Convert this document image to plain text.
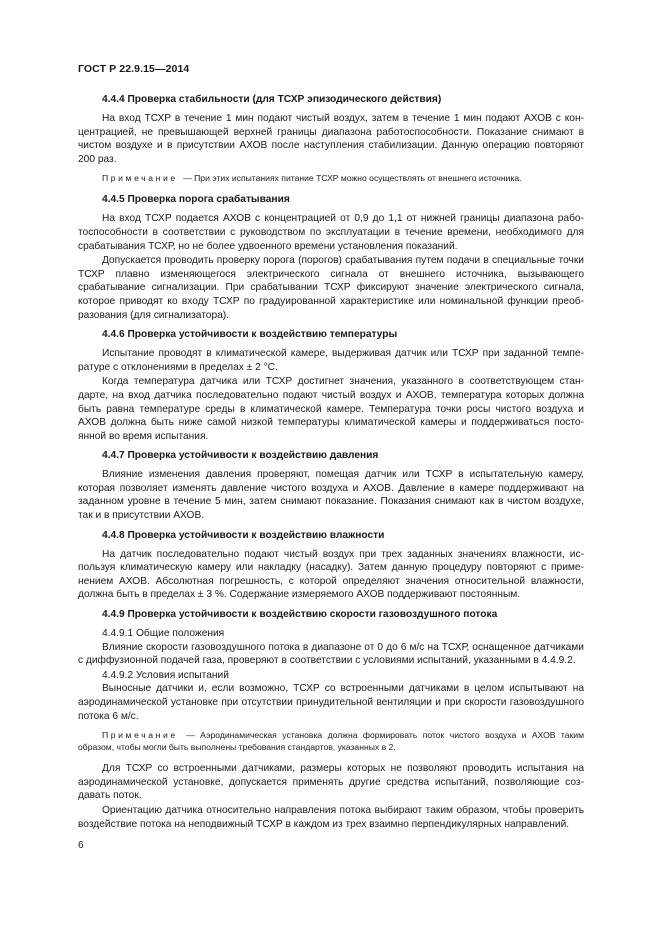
ГОСТ Р 22.9.15—2014
4.4.4 Проверка стабильности (для ТСХР эпизодического действия)
На вход ТСХР в течение 1 мин подают чистый воздух, затем в течение 1 мин подают АХОВ с концентрацией, не превышающей верхней границы диапазона работоспособности. Показание снимают в чистом воздухе и в присутствии АХОВ после наступления стабилизации. Данную операцию повторяют 200 раз.
Примечание — При этих испытаниях питание ТСХР можно осуществлять от внешнего источника.
4.4.5 Проверка порога срабатывания
На вход ТСХР подается АХОВ с концентрацией от 0,9 до 1,1 от нижней границы диапазона работоспособности в соответствии с руководством по эксплуатации в течение времени, необходимого для срабатывания ТСХР, но не более удвоенного времени установления показаний.
Допускается проводить проверку порога (порогов) срабатывания путем подачи в специальные точки ТСХР плавно изменяющегося электрического сигнала от внешнего источника, вызывающего срабатывание сигнализации. При срабатывании ТСХР фиксируют значение электрического сигнала, которое приводят ко входу ТСХР по градуированной характеристике или номинальной функции преобразования (для сигнализатора).
4.4.6 Проверка устойчивости к воздействию температуры
Испытание проводят в климатической камере, выдерживая датчик или ТСХР при заданной температуре с отклонениями в пределах ± 2 °С.
Когда температура датчика или ТСХР достигнет значения, указанного в соответствующем стандарте, на вход датчика последовательно подают чистый воздух и АХОВ, температура которых должна быть равна температуре среды в климатической камере. Температура точки росы чистого воздуха и АХОВ должна быть ниже самой низкой температуры климатической камеры и поддерживаться постоянной во время испытания.
4.4.7 Проверка устойчивости к воздействию давления
Влияние изменения давления проверяют, помещая датчик или ТСХР в испытательную камеру, которая позволяет изменять давление чистого воздуха и АХОВ. Давление в камере поддерживают на заданном уровне в течение 5 мин, затем снимают показание. Показания снимают как в чистом воздухе, так и в присутствии АХОВ.
4.4.8 Проверка устойчивости к воздействию влажности
На датчик последовательно подают чистый воздух при трех заданных значениях влажности, используя климатическую камеру или накладку (насадку). Затем данную процедуру повторяют с применением АХОВ. Абсолютная погрешность, с которой определяют значения относительной влажности, должна быть в пределах ± 3 %. Содержание измеряемого АХОВ поддерживают постоянным.
4.4.9 Проверка устойчивости к воздействию скорости газовоздушного потока
4.4.9.1 Общие положения
Влияние скорости газовоздушного потока в диапазоне от 0 до 6 м/с на ТСХР, оснащенное датчиками с диффузионной подачей газа, проверяют в соответствии с условиями испытаний, указанными в 4.4.9.2.
4.4.9.2 Условия испытаний
Выносные датчики и, если возможно, ТСХР со встроенными датчиками в целом испытывают на аэродинамической установке при отсутствии принудительной вентиляции и при скорости газовоздушного потока 6 м/с.
Примечание — Аэродинамическая установка должна формировать поток чистого воздуха и АХОВ таким образом, чтобы могли быть выполнены требования стандартов, указанных в 2.
Для ТСХР со встроенными датчиками, размеры которых не позволяют проводить испытания на аэродинамической установке, допускается применять другие средства испытаний, позволяющие создавать поток.
Ориентацию датчика относительно направления потока выбирают таким образом, чтобы проверить воздействие потока на неподвижный ТСХР в каждом из трех взаимно перпендикулярных направлений.
6
